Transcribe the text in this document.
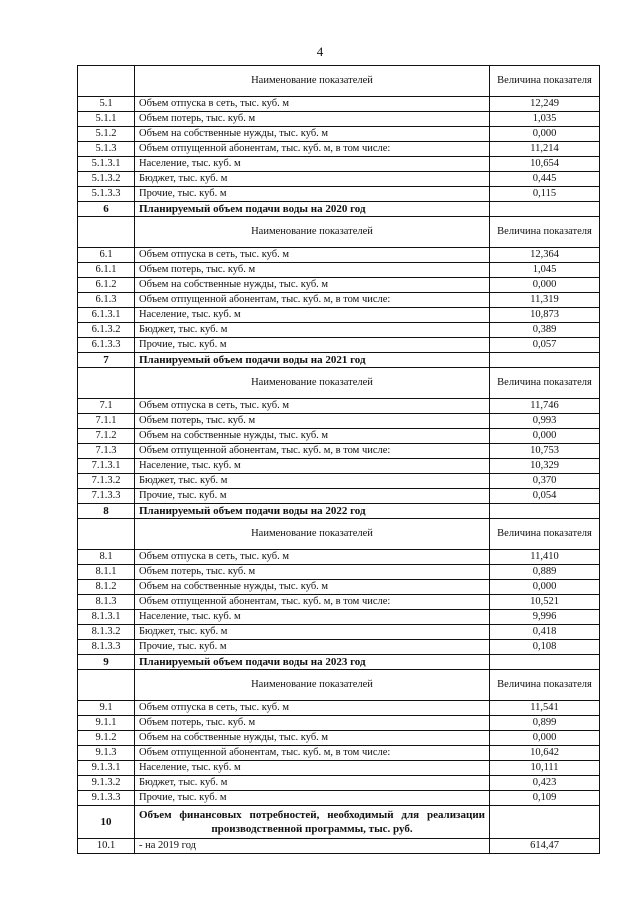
4
	Наименование показателей	Величина показателя
5.1	Объем отпуска в сеть, тыс. куб. м	12,249
5.1.1	Объем потерь, тыс. куб. м	1,035
5.1.2	Объем на собственные нужды, тыс. куб. м	0,000
5.1.3	Объем отпущенной абонентам, тыс. куб. м, в том числе:	11,214
5.1.3.1	Население, тыс. куб. м	10,654
5.1.3.2	Бюджет, тыс. куб. м	0,445
5.1.3.3	Прочие, тыс. куб. м	0,115
6	Планируемый объем подачи воды на 2020 год	
	Наименование показателей	Величина показателя
6.1	Объем отпуска в сеть, тыс. куб. м	12,364
6.1.1	Объем потерь, тыс. куб. м	1,045
6.1.2	Объем на собственные нужды, тыс. куб. м	0,000
6.1.3	Объем отпущенной абонентам, тыс. куб. м, в том числе:	11,319
6.1.3.1	Население, тыс. куб. м	10,873
6.1.3.2	Бюджет, тыс. куб. м	0,389
6.1.3.3	Прочие, тыс. куб. м	0,057
7	Планируемый объем подачи воды на 2021 год	
	Наименование показателей	Величина показателя
7.1	Объем отпуска в сеть, тыс. куб. м	11,746
7.1.1	Объем потерь, тыс. куб. м	0,993
7.1.2	Объем на собственные нужды, тыс. куб. м	0,000
7.1.3	Объем отпущенной абонентам, тыс. куб. м, в том числе:	10,753
7.1.3.1	Население, тыс. куб. м	10,329
7.1.3.2	Бюджет, тыс. куб. м	0,370
7.1.3.3	Прочие, тыс. куб. м	0,054
8	Планируемый объем подачи воды на 2022 год	
	Наименование показателей	Величина показателя
8.1	Объем отпуска в сеть, тыс. куб. м	11,410
8.1.1	Объем потерь, тыс. куб. м	0,889
8.1.2	Объем на собственные нужды, тыс. куб. м	0,000
8.1.3	Объем отпущенной абонентам, тыс. куб. м, в том числе:	10,521
8.1.3.1	Население, тыс. куб. м	9,996
8.1.3.2	Бюджет, тыс. куб. м	0,418
8.1.3.3	Прочие, тыс. куб. м	0,108
9	Планируемый объем подачи воды на 2023 год	
	Наименование показателей	Величина показателя
9.1	Объем отпуска в сеть, тыс. куб. м	11,541
9.1.1	Объем потерь, тыс. куб. м	0,899
9.1.2	Объем на собственные нужды, тыс. куб. м	0,000
9.1.3	Объем отпущенной абонентам, тыс. куб. м, в том числе:	10,642
9.1.3.1	Население, тыс. куб. м	10,111
9.1.3.2	Бюджет, тыс. куб. м	0,423
9.1.3.3	Прочие, тыс. куб. м	0,109
10	Объем финансовых потребностей, необходимый для реализации производственной программы, тыс. руб.	
10.1	- на 2019 год	614,47
